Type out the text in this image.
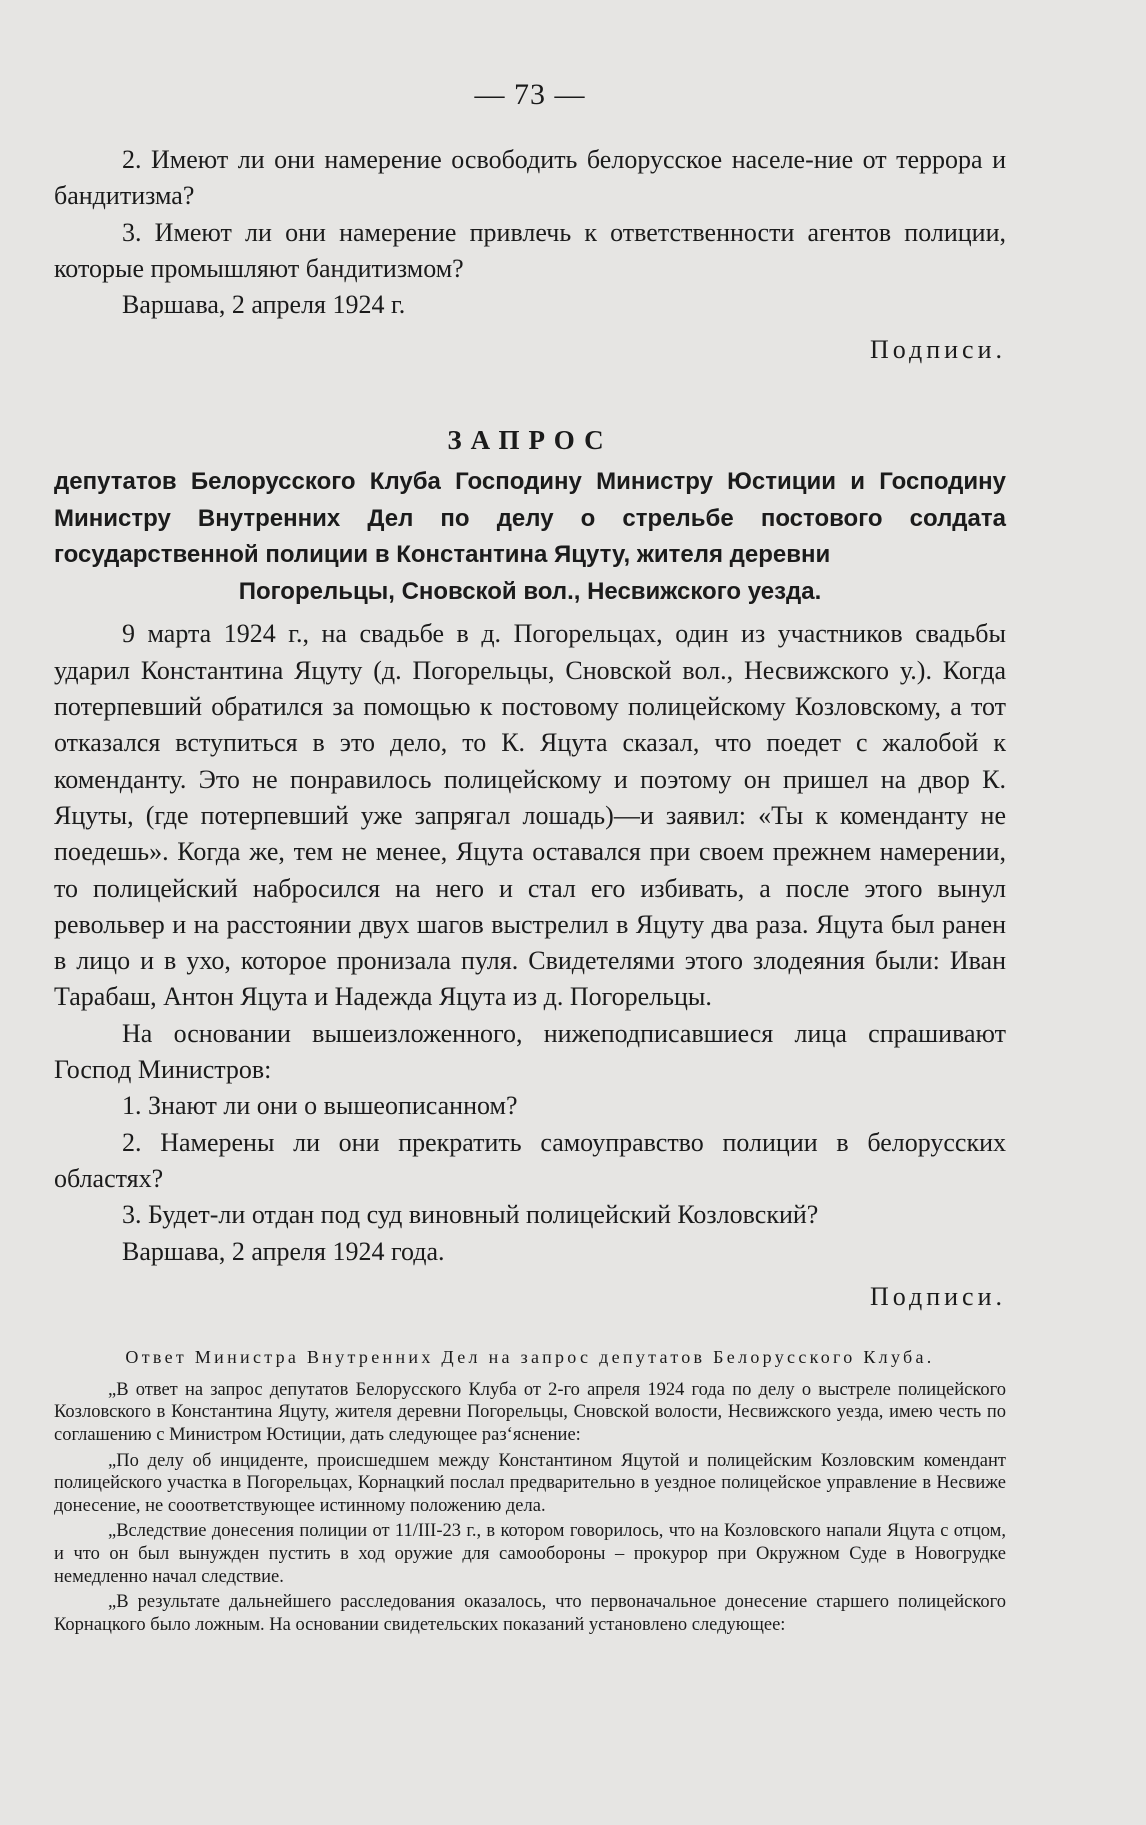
— 73 —

2. Имеют ли они намерение освободить белорусское населе-ние от террора и бандитизма?

3. Имеют ли они намерение привлечь к ответственности агентов полиции, которые промышляют бандитизмом?

Варшава, 2 апреля 1924 г.

Подписи.
ЗАПРОС

депутатов Белорусского Клуба Господину Министру Юстиции и Господину Министру Внутренних Дел по делу о стрельбе постового солдата государственной полиции в Константина Яцуту, жителя деревни

Погорельцы, Сновской вол., Несвижского уезда.

9 марта 1924 г., на свадьбе в д. Погорельцах, один из участников свадьбы ударил Константина Яцуту (д. Погорельцы, Сновской вол., Несвижского у.). Когда потерпевший обратился за помощью к постовому полицейскому Козловскому, а тот отказался вступиться в это дело, то К. Яцута сказал, что поедет с жалобой к коменданту. Это не понравилось полицейскому и поэтому он пришел на двор К. Яцуты, (где потерпевший уже запрягал лошадь)—и заявил: «Ты к коменданту не поедешь». Когда же, тем не менее, Яцута оставался при своем прежнем намерении, то полицейский набросился на него и стал его избивать, а после этого вынул револьвер и на расстоянии двух шагов выстрелил в Яцуту два раза. Яцута был ранен в лицо и в ухо, которое пронизала пуля. Свидетелями этого злодеяния были: Иван Тарабаш, Антон Яцута и Надежда Яцута из д. Погорельцы.

На основании вышеизложенного, нижеподписавшиеся лица спрашивают Господ Министров:

1. Знают ли они о вышеописанном?

2. Намерены ли они прекратить самоуправство полиции в белорусских областях?

3. Будет-ли отдан под суд виновный полицейский Козловский?

Варшава, 2 апреля 1924 года.

Подписи.
Ответ Министра Внутренних Дел на запрос депутатов Белорусского Клуба.

„В ответ на запрос депутатов Белорусского Клуба от 2-го апреля 1924 года по делу о выстреле полицейского Козловского в Константина Яцуту, жителя деревни Погорельцы, Сновской волости, Несвижского уезда, имею честь по соглашению с Министром Юстиции, дать следующее раз‘яснение:

„По делу об инциденте, происшедшем между Константином Яцутой и полицейским Козловским комендант полицейского участка в Погорельцах, Корнацкий послал предварительно в уездное полицейское управление в Несвиже донесение, не сооответствующее истинному положению дела.

„Вследствие донесения полиции от 11/III-23 г., в котором говорилось, что на Козловского напали Яцута с отцом, и что он был вынужден пустить в ход оружие для самообороны – прокурор при Окружном Суде в Новогрудке немедленно начал следствие.

„В результате дальнейшего расследования оказалось, что первоначальное донесение старшего полицейского Корнацкого было ложным. На основании свидетельских показаний установлено следующее:
